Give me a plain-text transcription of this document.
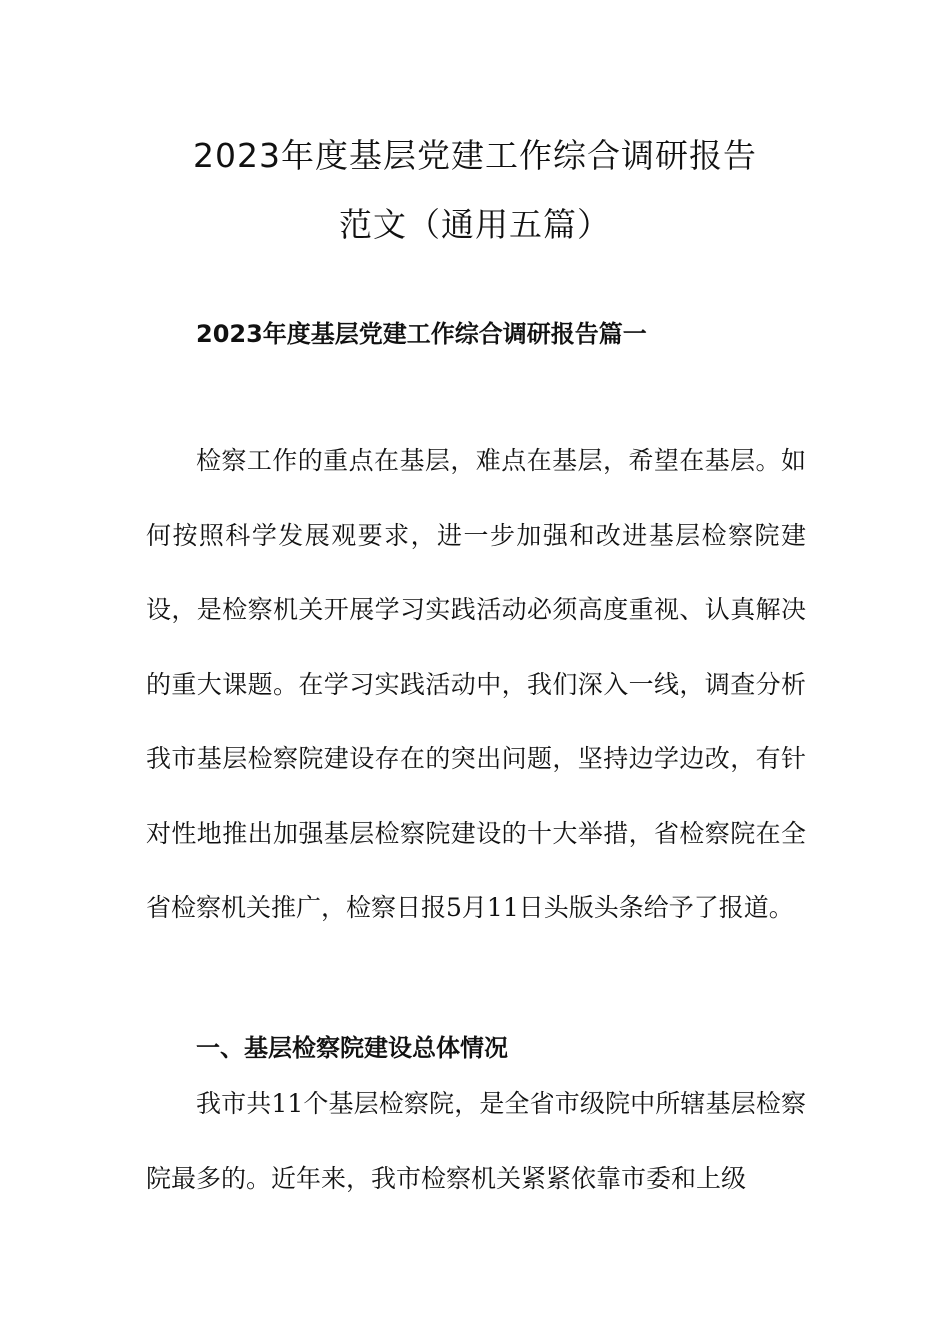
2023年度基层党建工作综合调研报告
范文（通用五篇）
2023年度基层党建工作综合调研报告篇一

检察工作的重点在基层，难点在基层，希望在基层。如何按照科学发展观要求，进一步加强和改进基层检察院建设，是检察机关开展学习实践活动必须高度重视、认真解决的重大课题。在学习实践活动中，我们深入一线，调查分析我市基层检察院建设存在的突出问题，坚持边学边改，有针对性地推出加强基层检察院建设的十大举措，省检察院在全省检察机关推广，检察日报5月11日头版头条给予了报道。

一、基层检察院建设总体情况

我市共11个基层检察院，是全省市级院中所辖基层检察院最多的。近年来，我市检察机关紧紧依靠市委和上级
